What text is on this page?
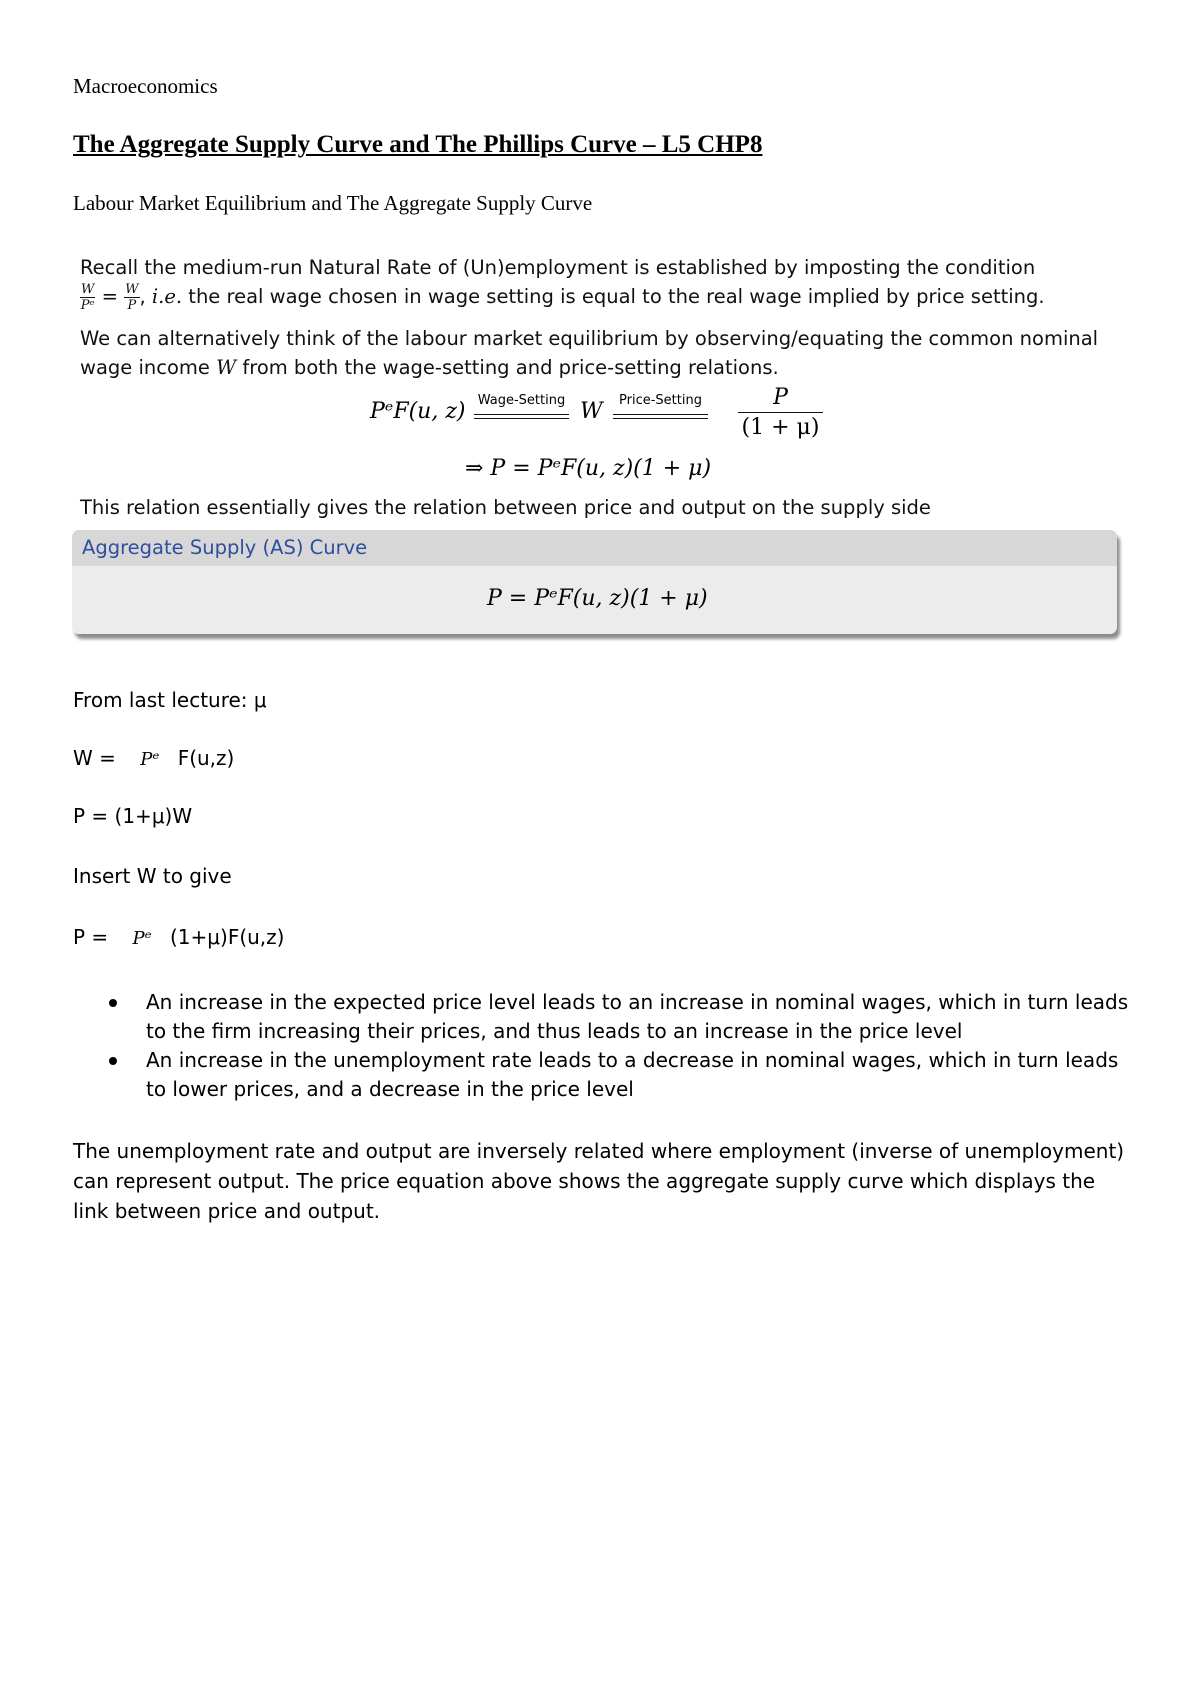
Macroeconomics
The Aggregate Supply Curve and The Phillips Curve – L5 CHP8
Labour Market Equilibrium and The Aggregate Supply Curve
Recall the medium-run Natural Rate of (Un)employment is established by imposting the condition

$\frac{W}{\text{Pᵉ}} = \frac{W}{P}$ , i.e. the real wage chosen in wage setting is equal to the real wage implied by price setting.
We can alternatively think of the labour market equilibrium by observing/equating the common nominal wage income W from both the wage-setting and price-setting relations.
PᵉF(u, z) Wage-Setting W	Price-Setting	P
(1 + μ)
⇒ P = PᵉF(u, z)(1 + μ)
This relation essentially gives the relation between price and output on the supply side
Aggregate Supply (AS) Curve
P = PᵉF(u, z)(1 + μ)
From last lecture: μ
W = Pᵉ F(u,z)
P = (1+μ)W
Insert W to give
P = Pᵉ (1+μ)F(u,z)
An increase in the expected price level leads to an increase in nominal wages, which in turn leads to the firm increasing their prices, and thus leads to an increase in the price level
An increase in the unemployment rate leads to a decrease in nominal wages, which in turn leads to lower prices, and a decrease in the price level
The unemployment rate and output are inversely related where employment (inverse of unemployment) can represent output. The price equation above shows the aggregate supply curve which displays the link between price and output.
